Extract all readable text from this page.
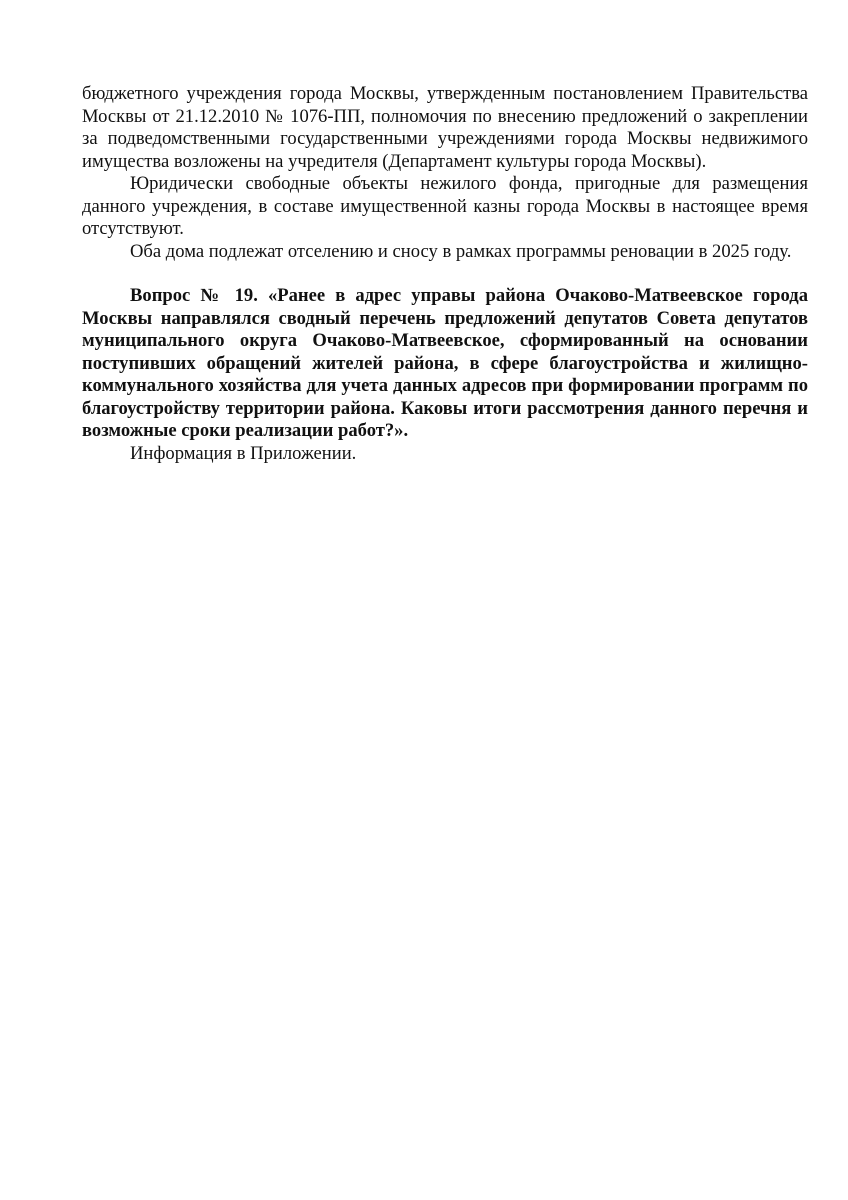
бюджетного учреждения города Москвы, утвержденным постановлением Правительства Москвы от 21.12.2010 № 1076-ПП, полномочия по внесению предложений о закреплении за подведомственными государственными учреждениями города Москвы недвижимого имущества возложены на учредителя (Департамент культуры города Москвы).

Юридически свободные объекты нежилого фонда, пригодные для размещения данного учреждения, в составе имущественной казны города Москвы в настоящее время отсутствуют.

Оба дома подлежат отселению и сносу в рамках программы реновации в 2025 году.

Вопрос № 19. «Ранее в адрес управы района Очаково-Матвеевское города Москвы направлялся сводный перечень предложений депутатов Совета депутатов муниципального округа Очаково-Матвеевское, сформированный на основании поступивших обращений жителей района, в сфере благоустройства и жилищно-коммунального хозяйства для учета данных адресов при формировании программ по благоустройству территории района. Каковы итоги рассмотрения данного перечня и возможные сроки реализации работ?».

Информация в Приложении.
